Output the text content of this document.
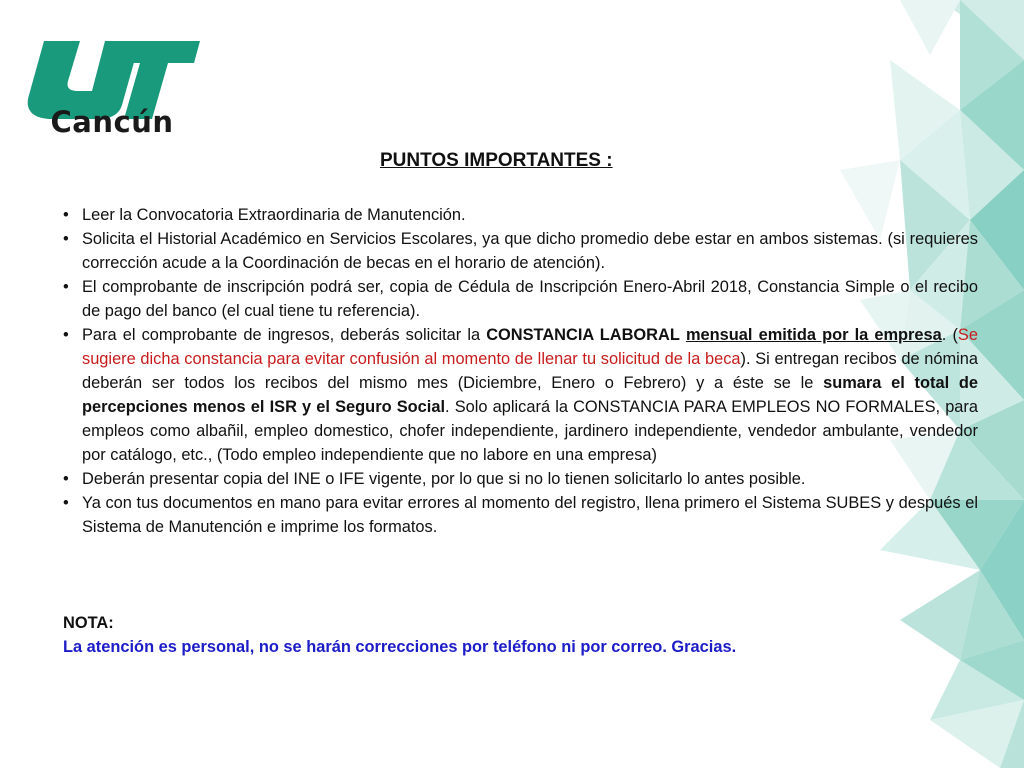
Cancún
PUNTOS IMPORTANTES :
• Leer la Convocatoria Extraordinaria de Manutención.
• Solicita el Historial Académico en Servicios Escolares, ya que dicho promedio debe estar en ambos sistemas. (si requieres corrección acude a la Coordinación de becas en el horario de atención).
• El comprobante de inscripción podrá ser, copia de Cédula de Inscripción Enero-Abril 2018, Constancia Simple o el recibo de pago del banco (el cual tiene tu referencia).
• Para el comprobante de ingresos, deberás solicitar la CONSTANCIA LABORAL mensual emitida por la empresa. (Se sugiere dicha constancia para evitar confusión al momento de llenar tu solicitud de la beca). Si entregan recibos de nómina deberán ser todos los recibos del mismo mes (Diciembre, Enero o Febrero) y a éste se le sumara el total de percepciones menos el ISR y el Seguro Social. Solo aplicará la CONSTANCIA PARA EMPLEOS NO FORMALES, para empleos como albañil, empleo domestico, chofer independiente, jardinero independiente, vendedor ambulante, vendedor por catálogo, etc., (Todo empleo independiente que no labore en una empresa)
• Deberán presentar copia del INE o IFE vigente, por lo que si no lo tienen solicitarlo lo antes posible.
• Ya con tus documentos en mano para evitar errores al momento del registro, llena primero el Sistema SUBES y después el Sistema de Manutención e imprime los formatos.
NOTA:
La atención es personal, no se harán correcciones por teléfono ni por correo. Gracias.
